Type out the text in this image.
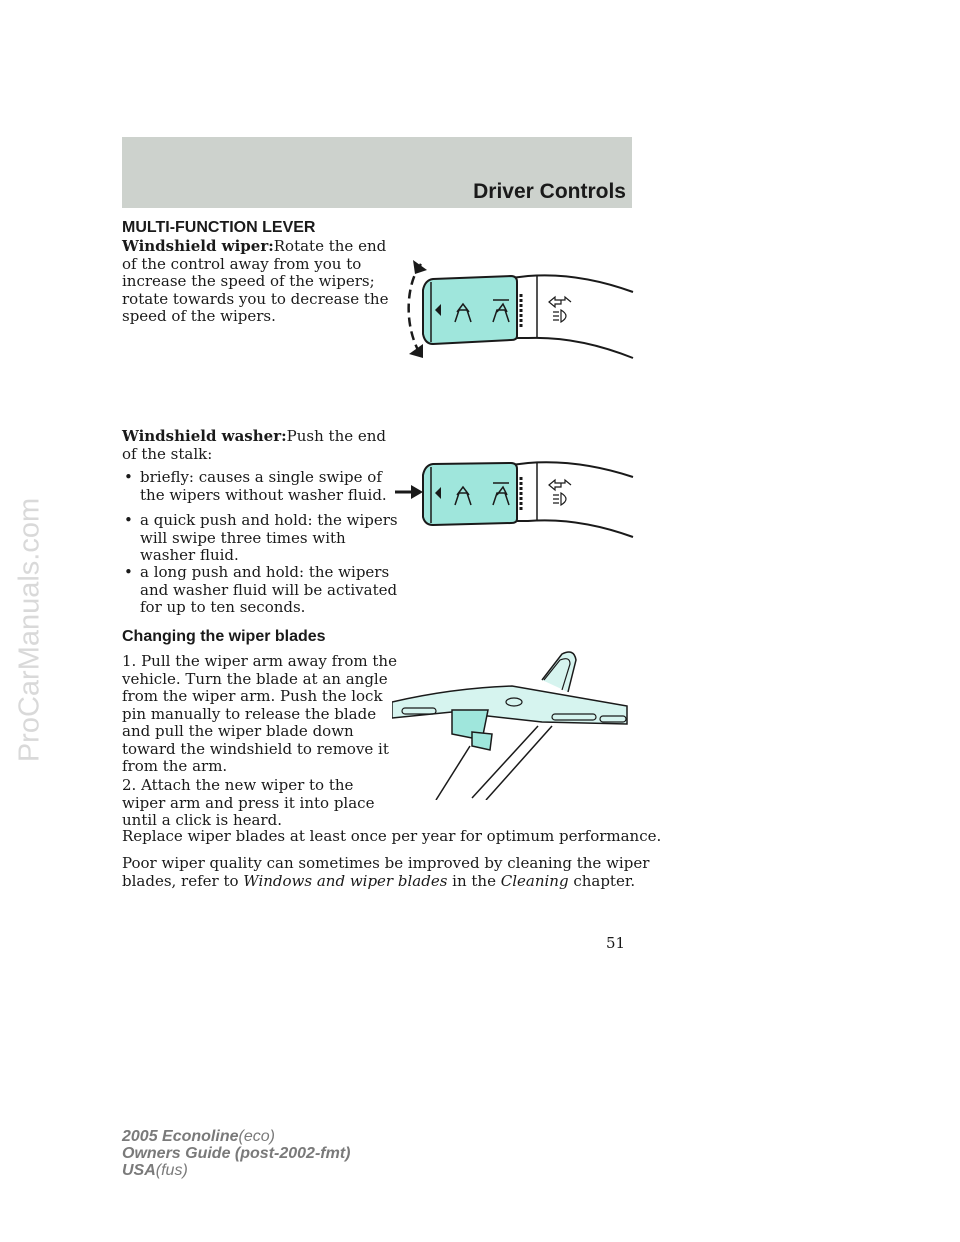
Driver Controls
ProCarManuals.com
MULTI-FUNCTION LEVER
Windshield wiper:Rotate the end
of the control away from you to
increase the speed of the wipers;
rotate towards you to decrease the
speed of the wipers.
Windshield washer:Push the end
of the stalk:
• briefly: causes a single swipe of
the wipers without washer fluid.
• a quick push and hold: the wipers
will swipe three times with
washer fluid.
• a long push and hold: the wipers
and washer fluid will be activated
for up to ten seconds.
Changing the wiper blades
1. Pull the wiper arm away from the
vehicle. Turn the blade at an angle
from the wiper arm. Push the lock
pin manually to release the blade
and pull the wiper blade down
toward the windshield to remove it
from the arm.
2. Attach the new wiper to the
wiper arm and press it into place
until a click is heard.
Replace wiper blades at least once per year for optimum performance.
Poor wiper quality can sometimes be improved by cleaning the wiper
blades, refer to Windows and wiper blades in the Cleaning chapter.
51
2005 Econoline(eco)
Owners Guide (post-2002-fmt)
USA(fus)
